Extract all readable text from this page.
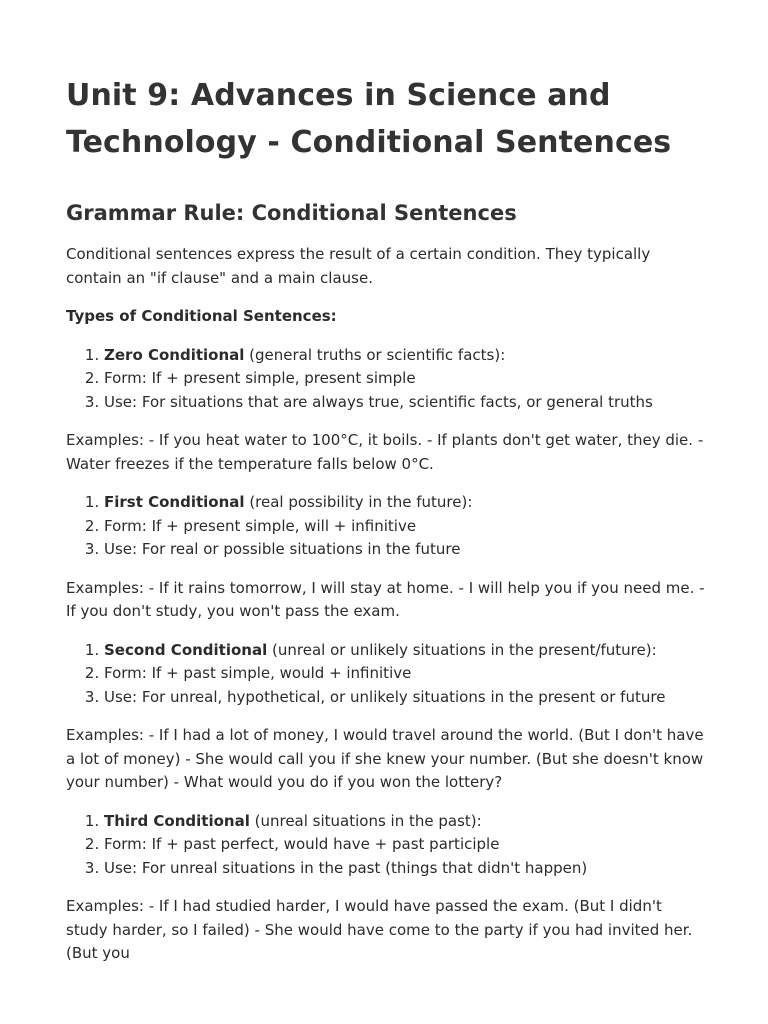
Unit 9: Advances in Science and Technology - Conditional Sentences
Grammar Rule: Conditional Sentences

Conditional sentences express the result of a certain condition. They typically contain an "if clause" and a main clause.

Types of Conditional Sentences:

1. Zero Conditional (general truths or scientific facts):
2. Form: If + present simple, present simple
3. Use: For situations that are always true, scientific facts, or general truths

Examples: - If you heat water to 100°C, it boils. - If plants don't get water, they die. - Water freezes if the temperature falls below 0°C.

1. First Conditional (real possibility in the future):
2. Form: If + present simple, will + infinitive
3. Use: For real or possible situations in the future

Examples: - If it rains tomorrow, I will stay at home. - I will help you if you need me. - If you don't study, you won't pass the exam.

1. Second Conditional (unreal or unlikely situations in the present/future):
2. Form: If + past simple, would + infinitive
3. Use: For unreal, hypothetical, or unlikely situations in the present or future

Examples: - If I had a lot of money, I would travel around the world. (But I don't have a lot of money) - She would call you if she knew your number. (But she doesn't know your number) - What would you do if you won the lottery?

1. Third Conditional (unreal situations in the past):
2. Form: If + past perfect, would have + past participle
3. Use: For unreal situations in the past (things that didn't happen)

Examples: - If I had studied harder, I would have passed the exam. (But I didn't study harder, so I failed) - She would have come to the party if you had invited her. (But you
